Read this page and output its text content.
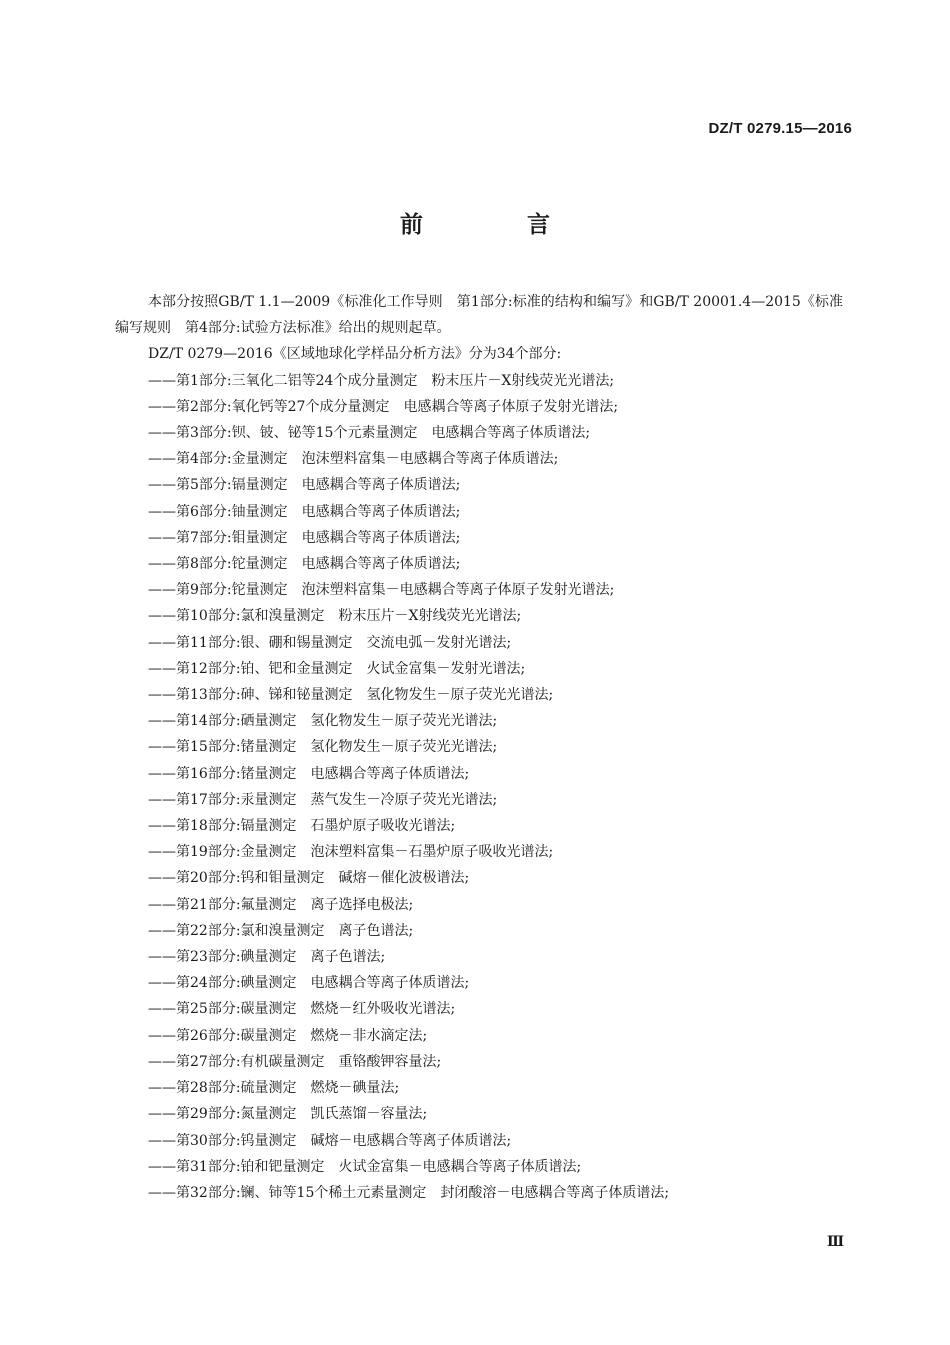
DZ/T 0279.15—2016
前 言

本部分按照GB/T 1.1—2009《标准化工作导则　第1部分:标准的结构和编写》和GB/T 20001.4—2015《标准编写规则　第4部分:试验方法标准》给出的规则起草。

DZ/T 0279—2016《区域地球化学样品分析方法》分为34个部分:

——第1部分:三氧化二铝等24个成分量测定　粉末压片－X射线荧光光谱法;
——第2部分:氧化钙等27个成分量测定　电感耦合等离子体原子发射光谱法;
——第3部分:钡、铍、铋等15个元素量测定　电感耦合等离子体质谱法;
——第4部分:金量测定　泡沫塑料富集－电感耦合等离子体质谱法;
——第5部分:镉量测定　电感耦合等离子体质谱法;
——第6部分:铀量测定　电感耦合等离子体质谱法;
——第7部分:钼量测定　电感耦合等离子体质谱法;
——第8部分:铊量测定　电感耦合等离子体质谱法;
——第9部分:铊量测定　泡沫塑料富集－电感耦合等离子体原子发射光谱法;
——第10部分:氯和溴量测定　粉末压片－X射线荧光光谱法;
——第11部分:银、硼和锡量测定　交流电弧－发射光谱法;
——第12部分:铂、钯和金量测定　火试金富集－发射光谱法;
——第13部分:砷、锑和铋量测定　氢化物发生－原子荧光光谱法;
——第14部分:硒量测定　氢化物发生－原子荧光光谱法;
——第15部分:锗量测定　氢化物发生－原子荧光光谱法;
——第16部分:锗量测定　电感耦合等离子体质谱法;
——第17部分:汞量测定　蒸气发生－冷原子荧光光谱法;
——第18部分:镉量测定　石墨炉原子吸收光谱法;
——第19部分:金量测定　泡沫塑料富集－石墨炉原子吸收光谱法;
——第20部分:钨和钼量测定　碱熔－催化波极谱法;
——第21部分:氟量测定　离子选择电极法;
——第22部分:氯和溴量测定　离子色谱法;
——第23部分:碘量测定　离子色谱法;
——第24部分:碘量测定　电感耦合等离子体质谱法;
——第25部分:碳量测定　燃烧－红外吸收光谱法;
——第26部分:碳量测定　燃烧－非水滴定法;
——第27部分:有机碳量测定　重铬酸钾容量法;
——第28部分:硫量测定　燃烧－碘量法;
——第29部分:氮量测定　凯氏蒸馏－容量法;
——第30部分:钨量测定　碱熔－电感耦合等离子体质谱法;
——第31部分:铂和钯量测定　火试金富集－电感耦合等离子体质谱法;
——第32部分:镧、铈等15个稀土元素量测定　封闭酸溶－电感耦合等离子体质谱法;
Ⅲ
